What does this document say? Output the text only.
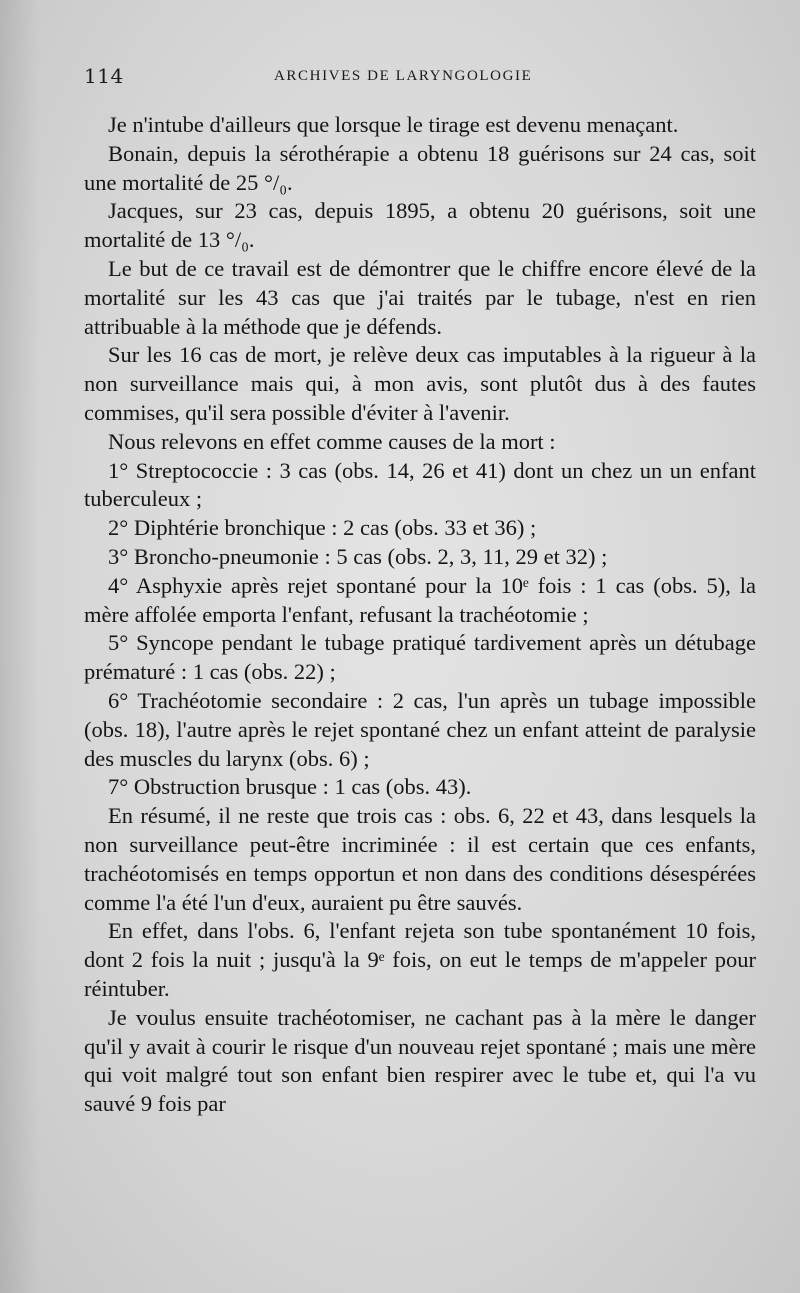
114	ARCHIVES DE LARYNGOLOGIE

Je n'intube d'ailleurs que lorsque le tirage est devenu menaçant.

Bonain, depuis la sérothérapie a obtenu 18 guérisons sur 24 cas, soit une mortalité de 25 °/₀.

Jacques, sur 23 cas, depuis 1895, a obtenu 20 guérisons, soit une mortalité de 13 °/₀.

Le but de ce travail est de démontrer que le chiffre encore élevé de la mortalité sur les 43 cas que j'ai traités par le tubage, n'est en rien attribuable à la méthode que je défends.

Sur les 16 cas de mort, je relève deux cas imputables à la rigueur à la non surveillance mais qui, à mon avis, sont plutôt dus à des fautes commises, qu'il sera possible d'éviter à l'avenir.

Nous relevons en effet comme causes de la mort :

1° Streptococcie : 3 cas (obs. 14, 26 et 41) dont un chez un un enfant tuberculeux ;

2° Diphtérie bronchique : 2 cas (obs. 33 et 36) ;

3° Broncho-pneumonie : 5 cas (obs. 2, 3, 11, 29 et 32) ;

4° Asphyxie après rejet spontané pour la 10ᵉ fois : 1 cas (obs. 5), la mère affolée emporta l'enfant, refusant la trachéotomie ;

5° Syncope pendant le tubage pratiqué tardivement après un détubage prématuré : 1 cas (obs. 22) ;

6° Trachéotomie secondaire : 2 cas, l'un après un tubage impossible (obs. 18), l'autre après le rejet spontané chez un enfant atteint de paralysie des muscles du larynx (obs. 6) ;

7° Obstruction brusque : 1 cas (obs. 43).

En résumé, il ne reste que trois cas : obs. 6, 22 et 43, dans lesquels la non surveillance peut-être incriminée : il est certain que ces enfants, trachéotomisés en temps opportun et non dans des conditions désespérées comme l'a été l'un d'eux, auraient pu être sauvés.

En effet, dans l'obs. 6, l'enfant rejeta son tube spontanément 10 fois, dont 2 fois la nuit ; jusqu'à la 9ᵉ fois, on eut le temps de m'appeler pour réintuber.

Je voulus ensuite trachéotomiser, ne cachant pas à la mère le danger qu'il y avait à courir le risque d'un nouveau rejet spontané ; mais une mère qui voit malgré tout son enfant bien respirer avec le tube et, qui l'a vu sauvé 9 fois par
